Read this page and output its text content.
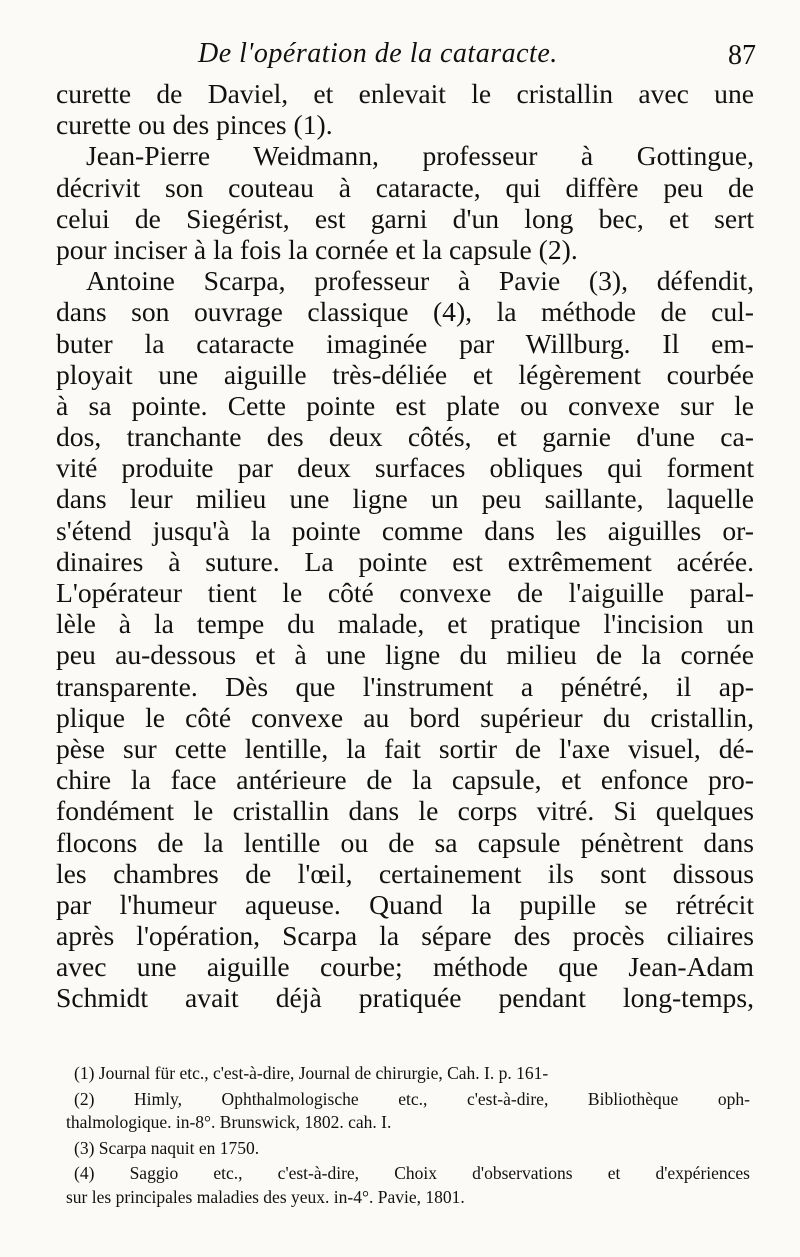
De l'opération de la cataracte.	87
curette de Daviel, et enlevait le cristallin avec une
curette ou des pinces (1).
Jean-Pierre Weidmann, professeur à Gottingue,
décrivit son couteau à cataracte, qui diffère peu de
celui de Siegérist, est garni d'un long bec, et sert
pour inciser à la fois la cornée et la capsule (2).
Antoine Scarpa, professeur à Pavie (3), défendit,
dans son ouvrage classique (4), la méthode de cul-
buter la cataracte imaginée par Willburg. Il em-
ployait une aiguille très-déliée et légèrement courbée
à sa pointe. Cette pointe est plate ou convexe sur le
dos, tranchante des deux côtés, et garnie d'une ca-
vité produite par deux surfaces obliques qui forment
dans leur milieu une ligne un peu saillante, laquelle
s'étend jusqu'à la pointe comme dans les aiguilles or-
dinaires à suture. La pointe est extrêmement acérée.
L'opérateur tient le côté convexe de l'aiguille paral-
lèle à la tempe du malade, et pratique l'incision un
peu au-dessous et à une ligne du milieu de la cornée
transparente. Dès que l'instrument a pénétré, il ap-
plique le côté convexe au bord supérieur du cristallin,
pèse sur cette lentille, la fait sortir de l'axe visuel, dé-
chire la face antérieure de la capsule, et enfonce pro-
fondément le cristallin dans le corps vitré. Si quelques
flocons de la lentille ou de sa capsule pénètrent dans
les chambres de l'œil, certainement ils sont dissous
par l'humeur aqueuse. Quand la pupille se rétrécit
après l'opération, Scarpa la sépare des procès ciliaires
avec une aiguille courbe; méthode que Jean-Adam
Schmidt avait déjà pratiquée pendant long-temps,
(1) Journal für etc., c'est-à-dire, Journal de chirurgie, Cah. I. p. 161-
(2) Himly, Ophthalmologische etc., c'est-à-dire, Bibliothèque oph-
thalmologique. in-8°. Brunswick, 1802. cah. I.
(3) Scarpa naquit en 1750.
(4) Saggio etc., c'est-à-dire, Choix d'observations et d'expériences
sur les principales maladies des yeux. in-4°. Pavie, 1801.
